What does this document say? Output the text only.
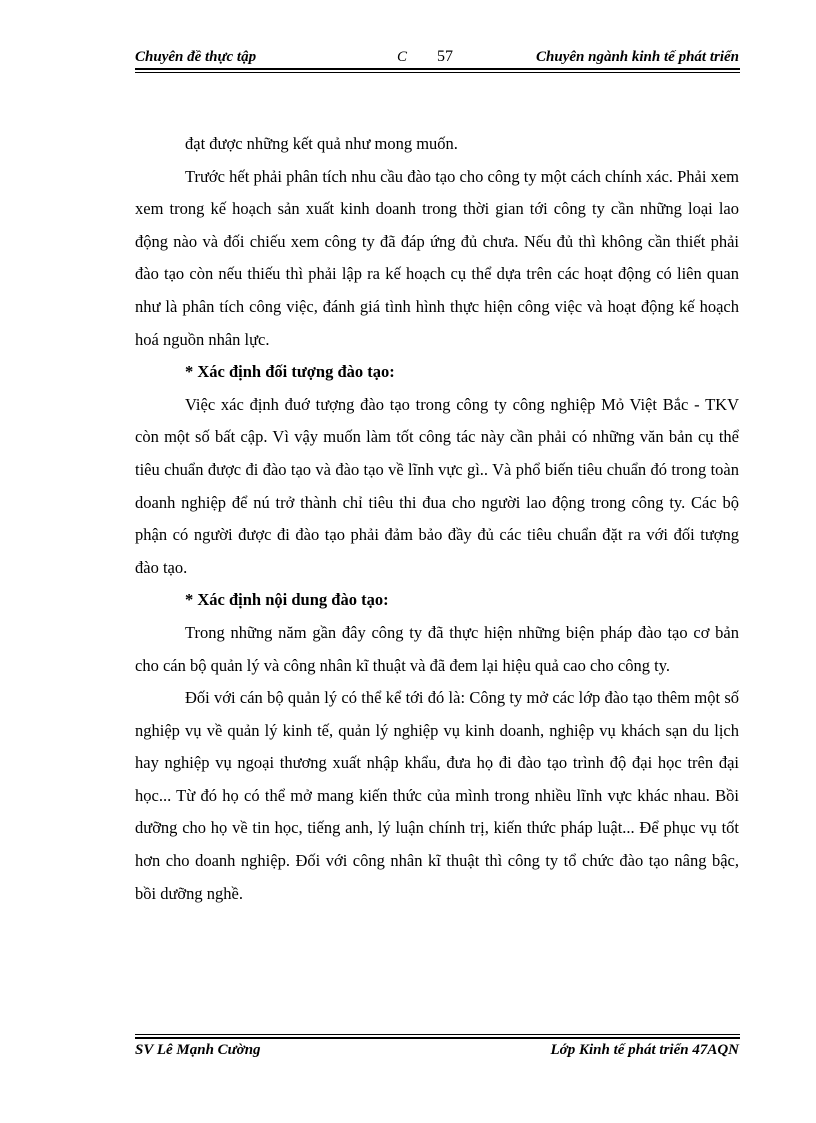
Chuyên đề thực tập	C 57	Chuyên ngành kinh tế phát triển

đạt được những kết quả như mong muốn.

Trước hết phải phân tích nhu cầu đào tạo cho công ty một cách chính xác. Phải xem xem trong kế hoạch sản xuất kinh doanh trong thời gian tới công ty cần những loại lao động nào và đối chiếu xem công ty đã đáp ứng đủ chưa. Nếu đủ thì không cần thiết phải đào tạo còn nếu thiếu thì phải lập ra kế hoạch cụ thể dựa trên các hoạt động có liên quan như là phân tích công việc, đánh giá tình hình thực hiện công việc và hoạt động kế hoạch hoá nguồn nhân lực.

* Xác định đối tượng đào tạo:

Việc xác định đuớ tượng đào tạo trong công ty công nghiệp Mỏ Việt Bắc - TKV còn một số bất cập. Vì vậy muốn làm tốt công tác này cần phải có những văn bản cụ thể tiêu chuẩn được đi đào tạo và đào tạo về lĩnh vực gì.. Và phổ biến tiêu chuẩn đó trong toàn doanh nghiệp để nú trở thành chỉ tiêu thi đua cho người lao động trong công ty. Các bộ phận có người được đi đào tạo phải đảm bảo đầy đủ các tiêu chuẩn đặt ra với đối tượng đào tạo.

* Xác định nội dung đào tạo:

Trong những năm gần đây công ty đã thực hiện những biện pháp đào tạo cơ bản cho cán bộ quản lý và công nhân kĩ thuật và đã đem lại hiệu quả cao cho công ty.

Đối với cán bộ quản lý có thể kể tới đó là: Công ty mở các lớp đào tạo thêm một số nghiệp vụ về quản lý kinh tế, quản lý nghiệp vụ kinh doanh, nghiệp vụ khách sạn du lịch hay nghiệp vụ ngoại thương xuất nhập khẩu, đưa họ đi đào tạo trình độ đại học trên đại học... Từ đó họ có thể mở mang kiến thức của mình trong nhiều lĩnh vực khác nhau. Bồi dưỡng cho họ về tin học, tiếng anh, lý luận chính trị, kiến thức pháp luật... Để phục vụ tốt hơn cho doanh nghiệp. Đối với công nhân kĩ thuật thì công ty tổ chức đào tạo nâng bậc, bồi dưỡng nghề.

SV Lê Mạnh Cường	Lớp Kinh tế phát triển 47AQN
